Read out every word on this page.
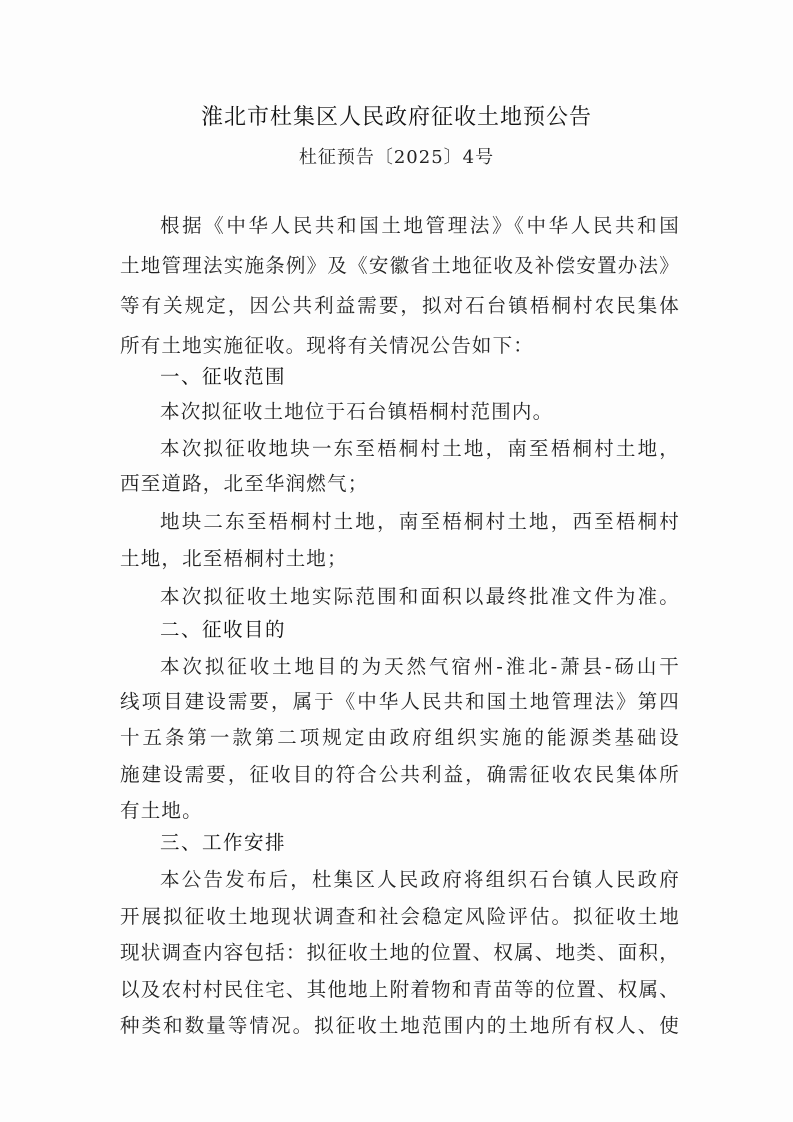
淮北市杜集区人民政府征收土地预公告
杜征预告〔2025〕4号
根据《中华人民共和国土地管理法》《中华人民共和国
土地管理法实施条例》及《安徽省土地征收及补偿安置办法》
等有关规定，因公共利益需要，拟对石台镇梧桐村农民集体
所有土地实施征收。现将有关情况公告如下：
一、征收范围
本次拟征收土地位于石台镇梧桐村范围内。
本次拟征收地块一东至梧桐村土地，南至梧桐村土地，
西至道路，北至华润燃气；
地块二东至梧桐村土地，南至梧桐村土地，西至梧桐村
土地，北至梧桐村土地；
本次拟征收土地实际范围和面积以最终批准文件为准。
二、征收目的
本次拟征收土地目的为天然气宿州-淮北-萧县-砀山干
线项目建设需要，属于《中华人民共和国土地管理法》第四
十五条第一款第二项规定由政府组织实施的能源类基础设
施建设需要，征收目的符合公共利益，确需征收农民集体所
有土地。
三、工作安排
本公告发布后，杜集区人民政府将组织石台镇人民政府
开展拟征收土地现状调查和社会稳定风险评估。拟征收土地
现状调查内容包括：拟征收土地的位置、权属、地类、面积，
以及农村村民住宅、其他地上附着物和青苗等的位置、权属、
种类和数量等情况。拟征收土地范围内的土地所有权人、使
